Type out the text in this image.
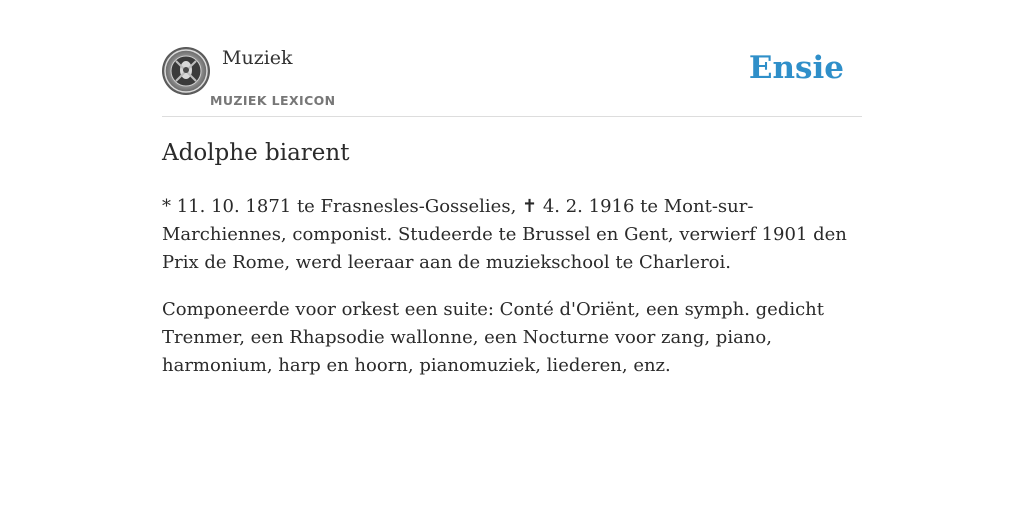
Muziek
MUZIEK LEXICON
Ensie
Adolphe biarent

* 11. 10. 1871 te Frasnesles-Gosselies, ✝ 4. 2. 1916 te Mont-sur-Marchiennes, componist. Studeerde te Brussel en Gent, verwierf 1901 den Prix de Rome, werd leeraar aan de muziekschool te Charleroi.

Componeerde voor orkest een suite: Conté d'Oriënt, een symph. gedicht Trenmer, een Rhapsodie wallonne, een Nocturne voor zang, piano, harmonium, harp en hoorn, pianomuziek, liederen, enz.
